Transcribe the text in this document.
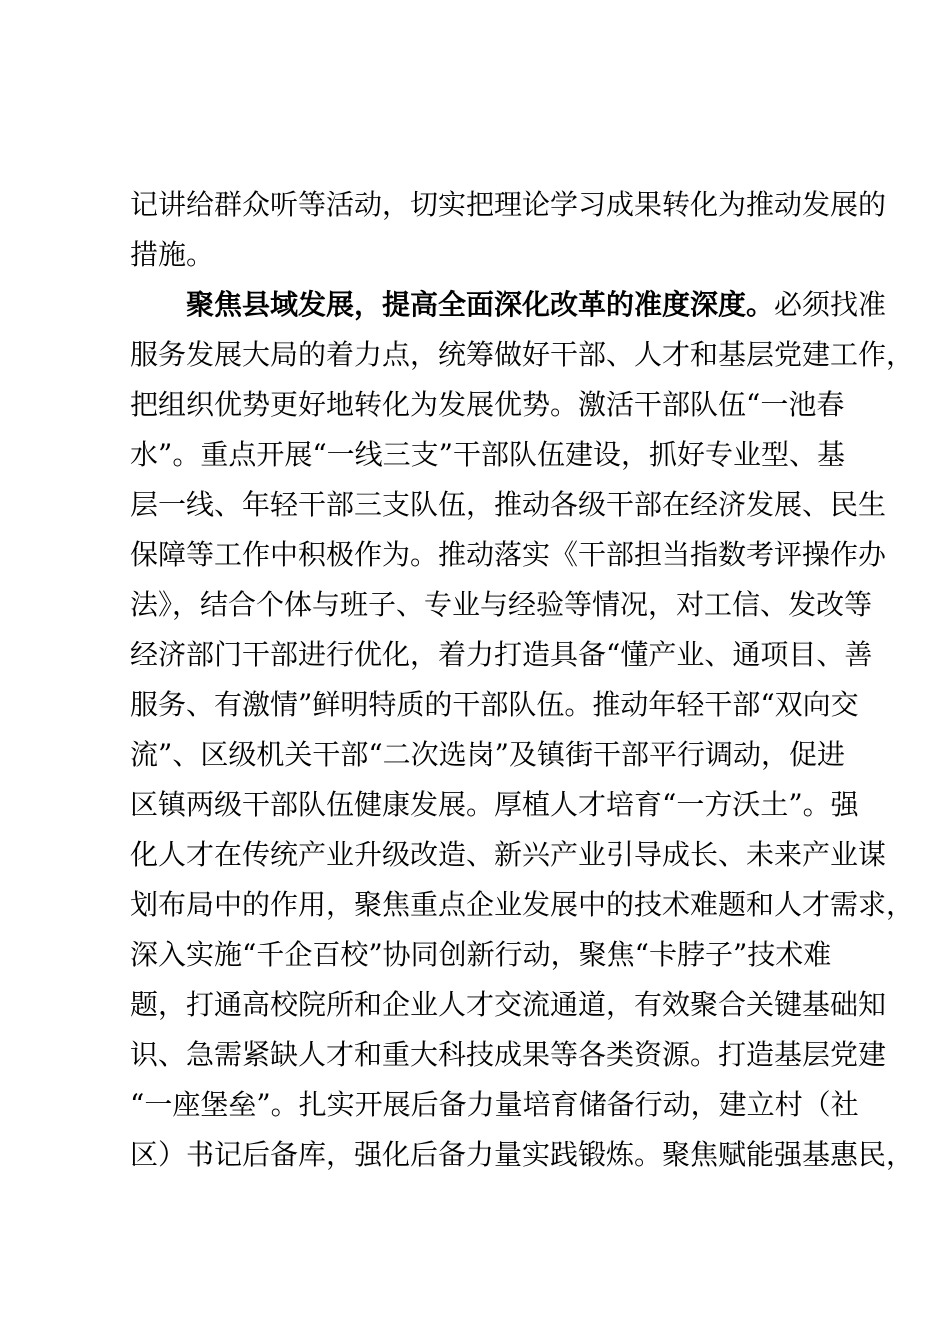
记讲给群众听等活动，切实把理论学习成果转化为推动发展的
措施。
聚焦县域发展，提高全面深化改革的准度深度。必须找准
服务发展大局的着力点，统筹做好干部、人才和基层党建工作，
把组织优势更好地转化为发展优势。激活干部队伍“一池春
水”。重点开展“一线三支”干部队伍建设，抓好专业型、基
层一线、年轻干部三支队伍，推动各级干部在经济发展、民生
保障等工作中积极作为。推动落实《干部担当指数考评操作办
法》，结合个体与班子、专业与经验等情况，对工信、发改等
经济部门干部进行优化，着力打造具备“懂产业、通项目、善
服务、有激情”鲜明特质的干部队伍。推动年轻干部“双向交
流”、区级机关干部“二次选岗”及镇街干部平行调动，促进
区镇两级干部队伍健康发展。厚植人才培育“一方沃土”。强
化人才在传统产业升级改造、新兴产业引导成长、未来产业谋
划布局中的作用，聚焦重点企业发展中的技术难题和人才需求，
深入实施“千企百校”协同创新行动，聚焦“卡脖子”技术难
题，打通高校院所和企业人才交流通道，有效聚合关键基础知
识、急需紧缺人才和重大科技成果等各类资源。打造基层党建
“一座堡垒”。扎实开展后备力量培育储备行动，建立村（社
区）书记后备库，强化后备力量实践锻炼。聚焦赋能强基惠民，
